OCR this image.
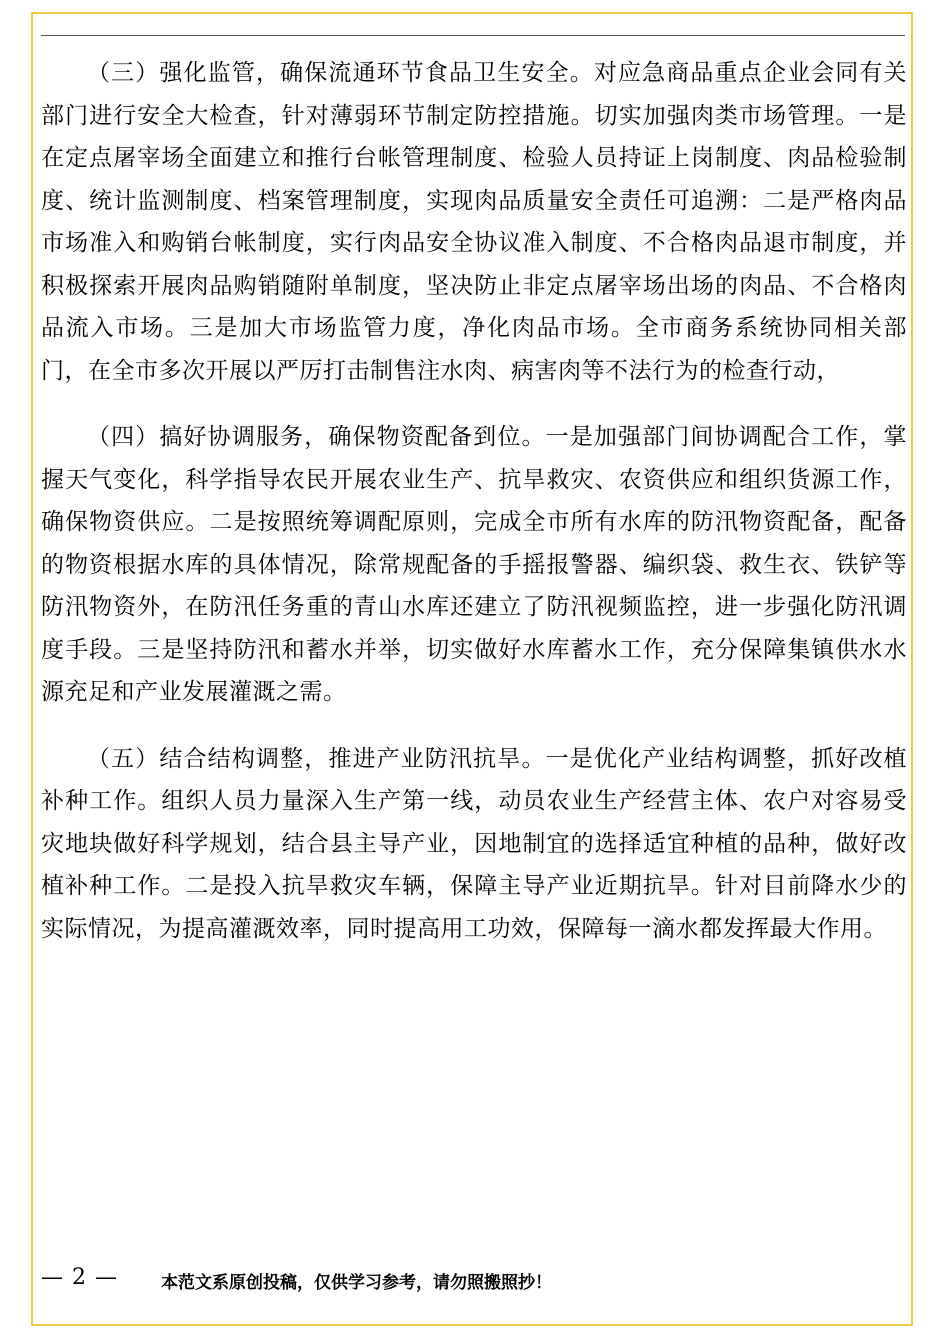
（三）强化监管，确保流通环节食品卫生安全。对应急商品重点企业会同有关部门进行安全大检查，针对薄弱环节制定防控措施。切实加强肉类市场管理。一是在定点屠宰场全面建立和推行台帐管理制度、检验人员持证上岗制度、肉品检验制度、统计监测制度、档案管理制度，实现肉品质量安全责任可追溯：二是严格肉品市场准入和购销台帐制度，实行肉品安全协议准入制度、不合格肉品退市制度，并积极探索开展肉品购销随附单制度，坚决防止非定点屠宰场出场的肉品、不合格肉品流入市场。三是加大市场监管力度，净化肉品市场。全市商务系统协同相关部门，在全市多次开展以严厉打击制售注水肉、病害肉等不法行为的检查行动，

（四）搞好协调服务，确保物资配备到位。一是加强部门间协调配合工作，掌握天气变化，科学指导农民开展农业生产、抗旱救灾、农资供应和组织货源工作，确保物资供应。二是按照统筹调配原则，完成全市所有水库的防汛物资配备，配备的物资根据水库的具体情况，除常规配备的手摇报警器、编织袋、救生衣、铁铲等防汛物资外，在防汛任务重的青山水库还建立了防汛视频监控，进一步强化防汛调度手段。三是坚持防汛和蓄水并举，切实做好水库蓄水工作，充分保障集镇供水水源充足和产业发展灌溉之需。

（五）结合结构调整，推进产业防汛抗旱。一是优化产业结构调整，抓好改植补种工作。组织人员力量深入生产第一线，动员农业生产经营主体、农户对容易受灾地块做好科学规划，结合县主导产业，因地制宜的选择适宜种植的品种，做好改植补种工作。二是投入抗旱救灾车辆，保障主导产业近期抗旱。针对目前降水少的实际情况，为提高灌溉效率，同时提高用工功效，保障每一滴水都发挥最大作用。

— 2 —	本范文系原创投稿，仅供学习参考，请勿照搬照抄！
